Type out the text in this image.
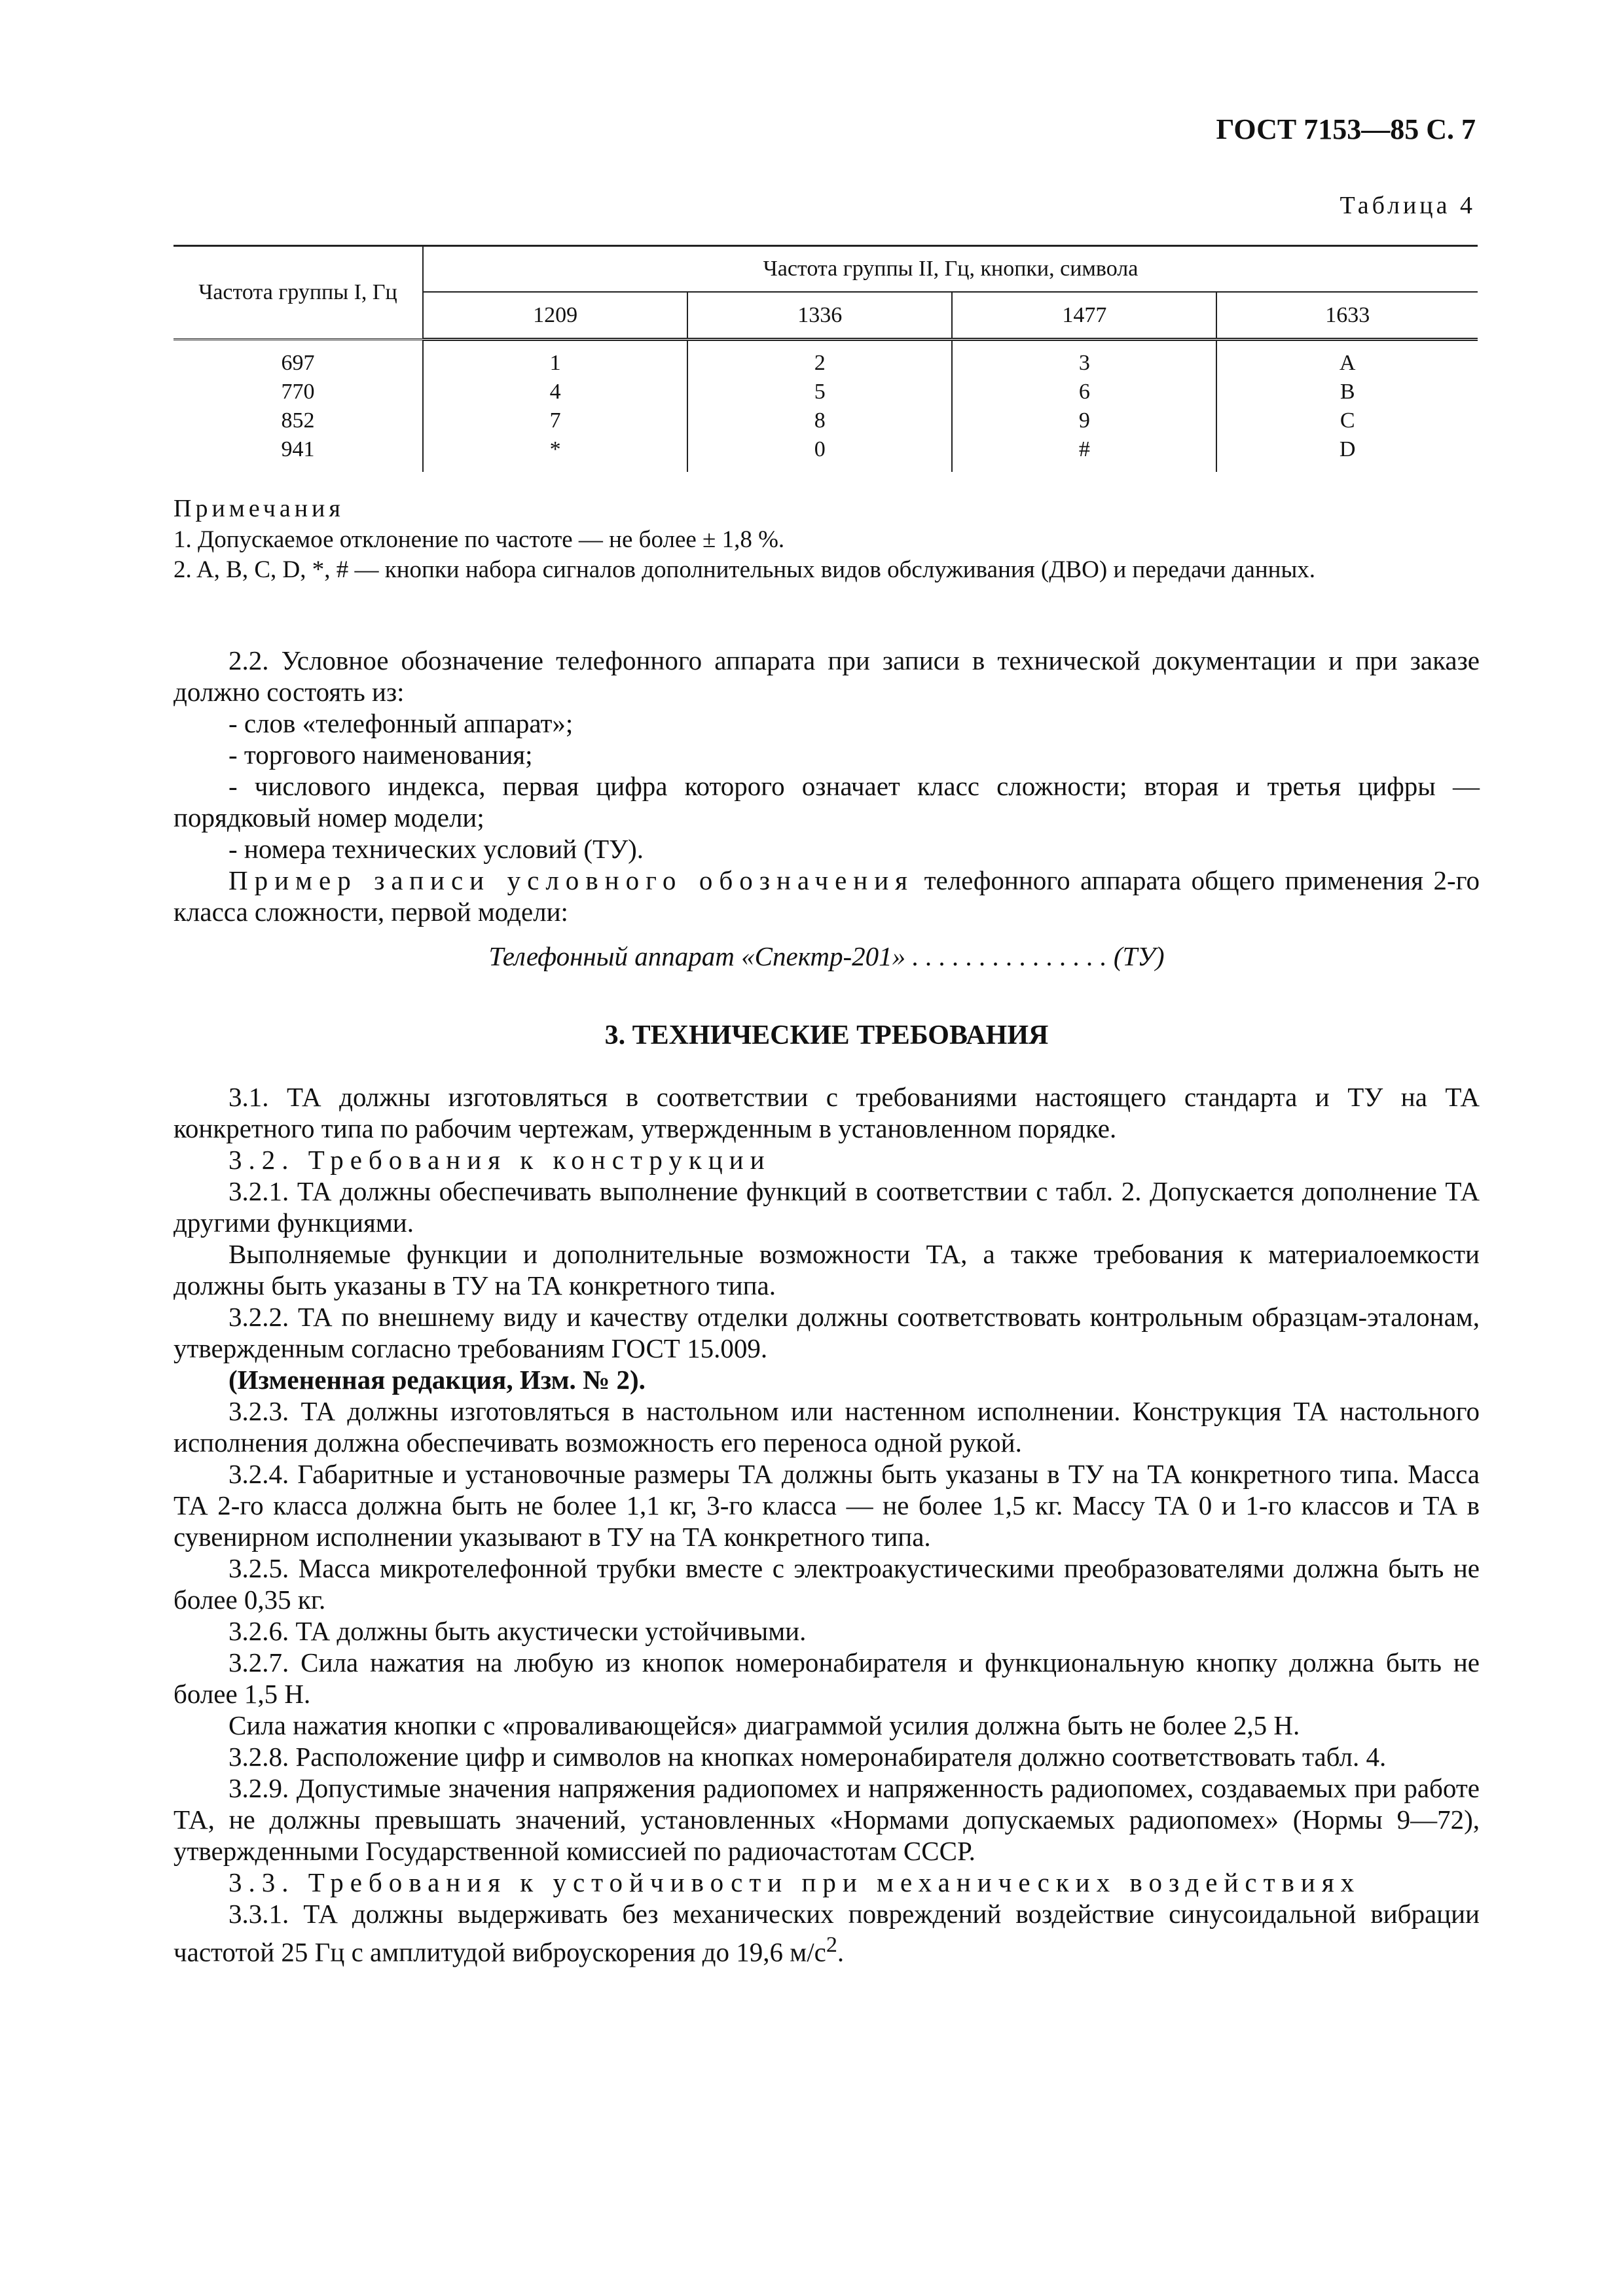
ГОСТ 7153—85 С. 7
Таблица 4
Частота группы I, Гц	Частота группы II, Гц, кнопки, символа			
	1209	1336	1477	1633
697	1	2	3	A
770	4	5	6	B
852	7	8	9	C
941	*	0	#	D
Примечания

1. Допускаемое отклонение по частоте — не более ± 1,8 %.

2. A, B, C, D, *, # — кнопки набора сигналов дополнительных видов обслуживания (ДВО) и передачи данных.

2.2. Условное обозначение телефонного аппарата при записи в технической документации и при заказе должно состоять из:

- слов «телефонный аппарат»;

- торгового наименования;

- числового индекса, первая цифра которого означает класс сложности; вторая и третья цифры — порядковый номер модели;

- номера технических условий (ТУ).

Пример записи условного обозначения телефонного аппарата общего применения 2-го класса сложности, первой модели:

Телефонный аппарат «Спектр-201» . . . . . . . . . . . . . . . (ТУ)

3. ТЕХНИЧЕСКИЕ ТРЕБОВАНИЯ

3.1. ТА должны изготовляться в соответствии с требованиями настоящего стандарта и ТУ на ТА конкретного типа по рабочим чертежам, утвержденным в установленном порядке.

3.2. Требования к конструкции

3.2.1. ТА должны обеспечивать выполнение функций в соответствии с табл. 2. Допускается дополнение ТА другими функциями.

Выполняемые функции и дополнительные возможности ТА, а также требования к материалоемкости должны быть указаны в ТУ на ТА конкретного типа.

3.2.2. ТА по внешнему виду и качеству отделки должны соответствовать контрольным образцам-эталонам, утвержденным согласно требованиям ГОСТ 15.009.

(Измененная редакция, Изм. № 2).

3.2.3. ТА должны изготовляться в настольном или настенном исполнении. Конструкция ТА настольного исполнения должна обеспечивать возможность его переноса одной рукой.

3.2.4. Габаритные и установочные размеры ТА должны быть указаны в ТУ на ТА конкретного типа. Масса ТА 2-го класса должна быть не более 1,1 кг, 3-го класса — не более 1,5 кг. Массу ТА 0 и 1-го классов и ТА в сувенирном исполнении указывают в ТУ на ТА конкретного типа.

3.2.5. Масса микротелефонной трубки вместе с электроакустическими преобразователями должна быть не более 0,35 кг.

3.2.6. ТА должны быть акустически устойчивыми.

3.2.7. Сила нажатия на любую из кнопок номеронабирателя и функциональную кнопку должна быть не более 1,5 Н.

Сила нажатия кнопки с «проваливающейся» диаграммой усилия должна быть не более 2,5 Н.

3.2.8. Расположение цифр и символов на кнопках номеронабирателя должно соответствовать табл. 4.

3.2.9. Допустимые значения напряжения радиопомех и напряженность радиопомех, создаваемых при работе ТА, не должны превышать значений, установленных «Нормами допускаемых радиопомех» (Нормы 9—72), утвержденными Государственной комиссией по радиочастотам СССР.

3.3. Требования к устойчивости при механических воздействиях

3.3.1. ТА должны выдерживать без механических повреждений воздействие синусоидальной вибрации частотой 25 Гц с амплитудой виброускорения до 19,6 $м/с^2$.
